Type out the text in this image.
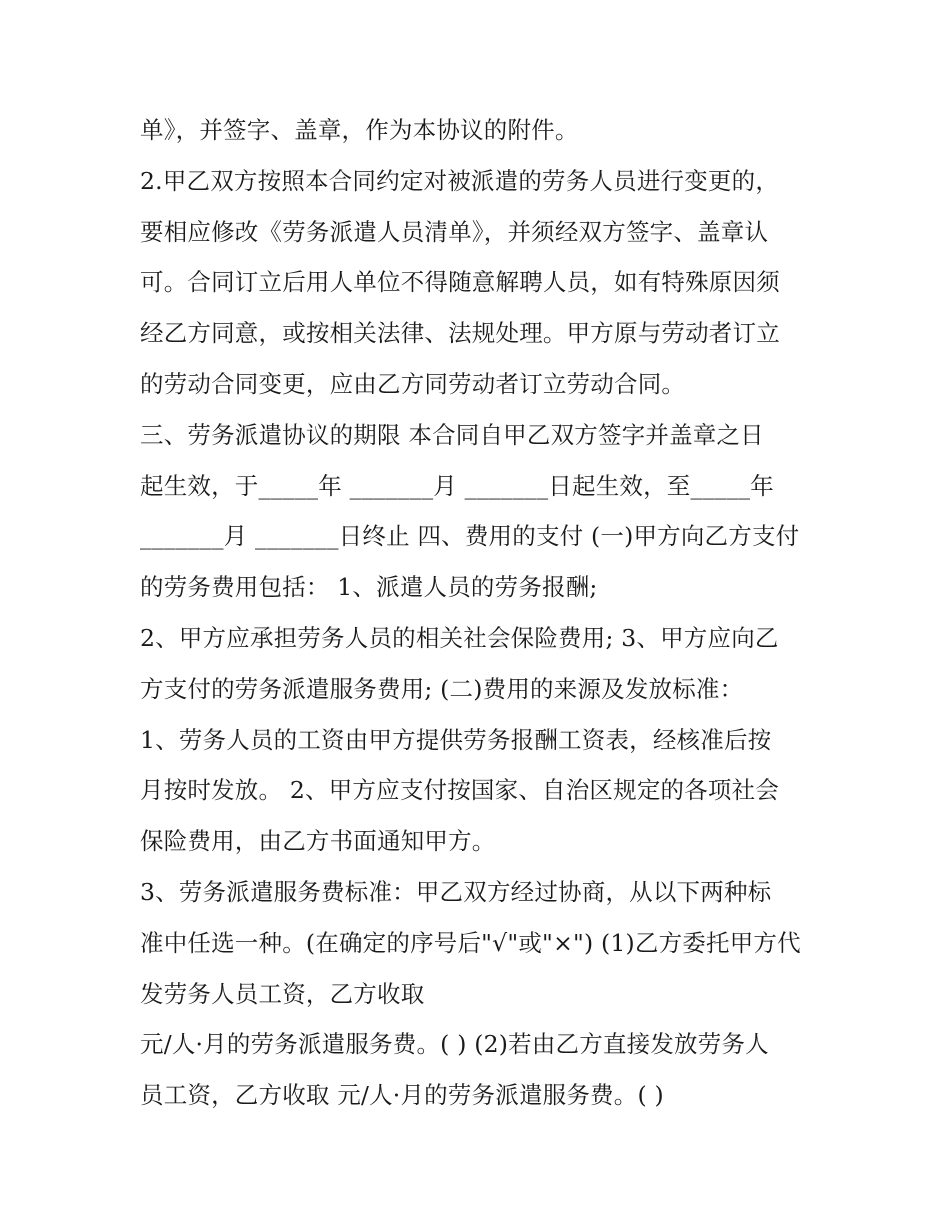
单》，并签字、盖章，作为本协议的附件。
2.甲乙双方按照本合同约定对被派遣的劳务人员进行变更的，
要相应修改《劳务派遣人员清单》，并须经双方签字、盖章认
可。合同订立后用人单位不得随意解聘人员，如有特殊原因须
经乙方同意，或按相关法律、法规处理。甲方原与劳动者订立
的劳动合同变更，应由乙方同劳动者订立劳动合同。
三、劳务派遣协议的期限 本合同自甲乙双方签字并盖章之日
起生效，于_____年 _______月 _______日起生效，至_____年
_______月 _______日终止 四、费用的支付 (一)甲方向乙方支付
的劳务费用包括： 1、派遣人员的劳务报酬;
2、甲方应承担劳务人员的相关社会保险费用; 3、甲方应向乙
方支付的劳务派遣服务费用; (二)费用的来源及发放标准：
1、劳务人员的工资由甲方提供劳务报酬工资表，经核准后按
月按时发放。 2、甲方应支付按国家、自治区规定的各项社会
保险费用，由乙方书面通知甲方。
3、劳务派遣服务费标准：甲乙双方经过协商，从以下两种标
准中任选一种。(在确定的序号后"√"或"×") (1)乙方委托甲方代
发劳务人员工资，乙方收取
元/人·月的劳务派遣服务费。( ) (2)若由乙方直接发放劳务人
员工资，乙方收取 元/人·月的劳务派遣服务费。( )
